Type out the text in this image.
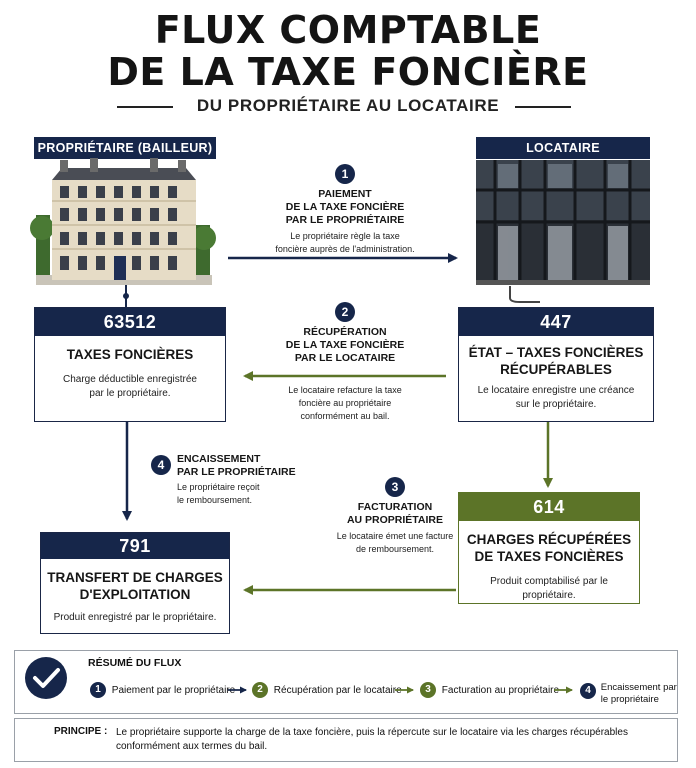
FLUX COMPTABLE
DE LA TAXE FONCIÈRE
DU PROPRIÉTAIRE AU LOCATAIRE
PROPRIÉTAIRE (BAILLEUR)	LOCATAIRE
63512
TAXES FONCIÈRES
Charge déductible enregistrée
par le propriétaire.
447
ÉTAT – TAXES FONCIÈRES
RÉCUPÉRABLES
Le locataire enregistre une créance
sur le propriétaire.
614
CHARGES RÉCUPÉRÉES
DE TAXES FONCIÈRES
Produit comptabilisé par le propriétaire.
791
TRANSFERT DE CHARGES
D'EXPLOITATION
Produit enregistré par le propriétaire.
1
PAIEMENT
DE LA TAXE FONCIÈRE
PAR LE PROPRIÉTAIRE
Le propriétaire règle la taxe
foncière auprès de l'administration.
2
RÉCUPÉRATION
DE LA TAXE FONCIÈRE
PAR LE LOCATAIRE
Le locataire refacture la taxe
foncière au propriétaire
conformément au bail.
3
FACTURATION
AU PROPRIÉTAIRE
Le locataire émet une facture
de remboursement.
4	ENCAISSEMENT
PAR LE PROPRIÉTAIRE
Le propriétaire reçoit
le remboursement.
RÉSUMÉ DU FLUX
1 Paiement par le propriétaire	2 Récupération par le locataire	3 Facturation au propriétaire	4 Encaissement par
le propriétaire
PRINCIPE : Le propriétaire supporte la charge de la taxe foncière, puis la répercute sur le locataire via les charges récupérables
conformément aux termes du bail.
